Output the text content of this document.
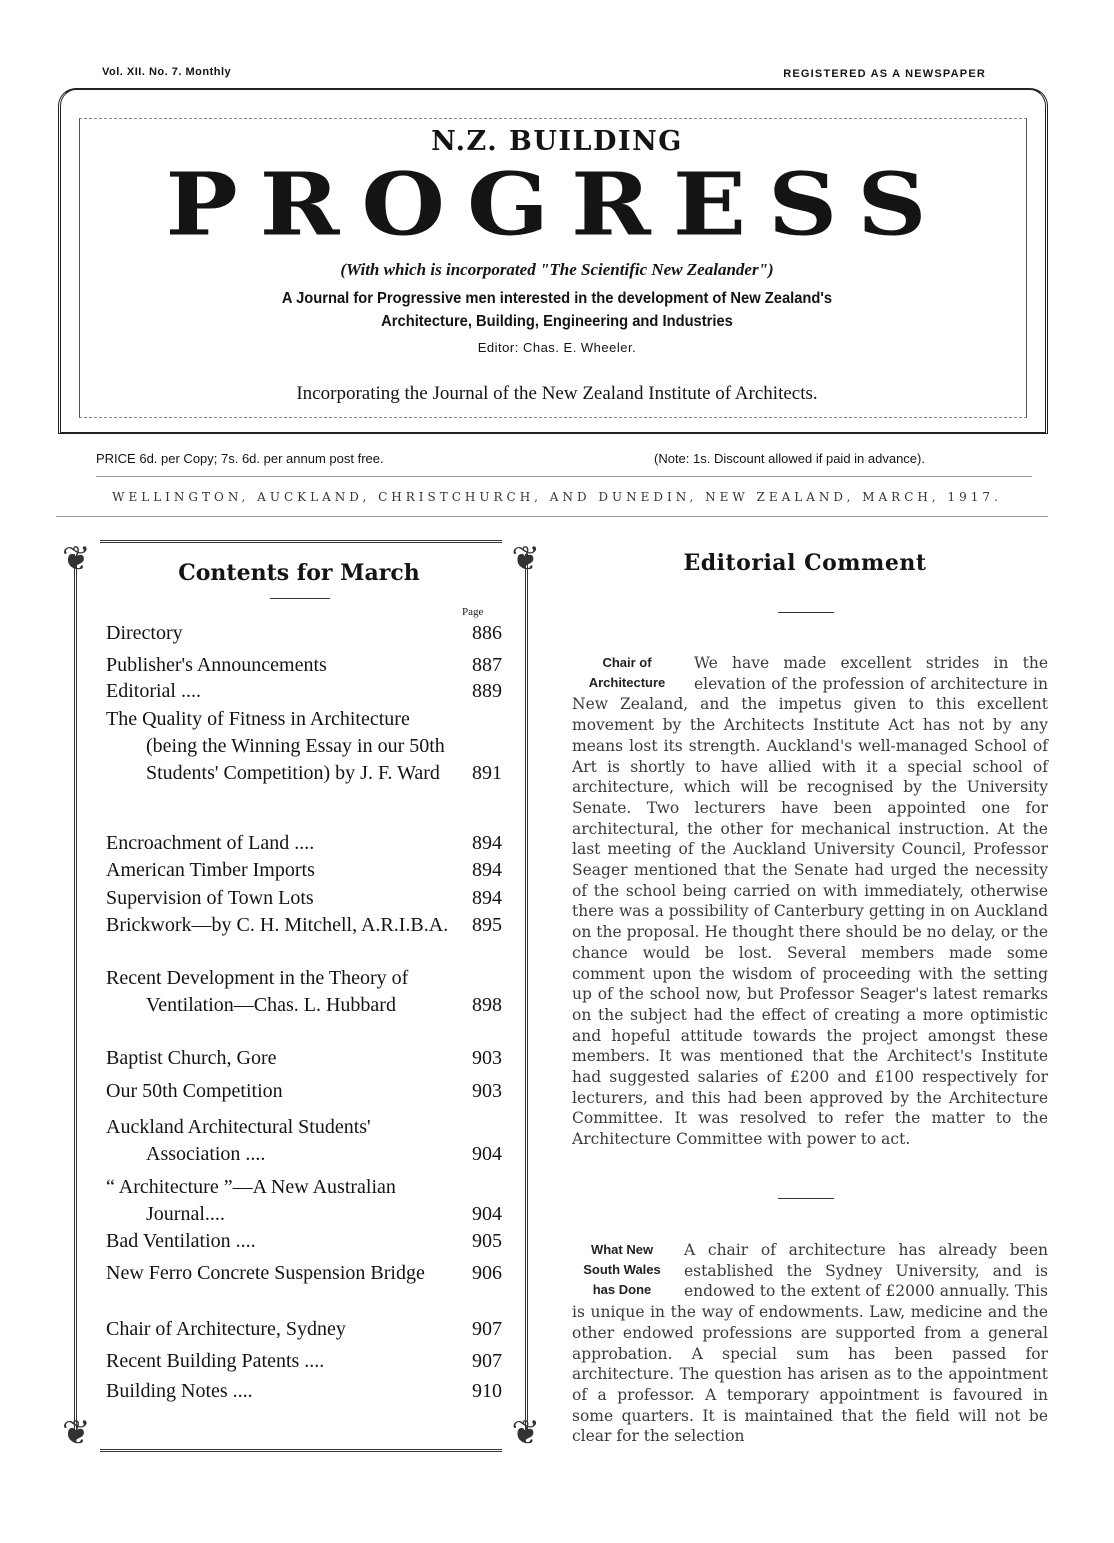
Vol. XII. No. 7. Monthly	REGISTERED AS A NEWSPAPER
N.Z. BUILDING
PROGRESS
(With which is incorporated "The Scientific New Zealander")
A Journal for Progressive men interested in the development of New Zealand's
Architecture, Building, Engineering and Industries
Editor: Chas. E. Wheeler.
Incorporating the Journal of the New Zealand Institute of Architects.
PRICE 6d. per Copy; 7s. 6d. per annum post free.	(Note: 1s. Discount allowed if paid in advance).
WELLINGTON, AUCKLAND, CHRISTCHURCH, AND DUNEDIN, NEW ZEALAND, MARCH, 1917.
❦	❦
❦	❦
Contents for March
Page
Directory	886
Publisher's Announcements	887
Editorial ....	889
The Quality of Fitness in Architecture (being the Winning Essay in our 50th Students' Competition) by J. F. Ward	891
Encroachment of Land ....	894
American Timber Imports	894
Supervision of Town Lots	894
Brickwork—by C. H. Mitchell, A.R.I.B.A.	895
Recent Development in the Theory of Ventilation—Chas. L. Hubbard	898
Baptist Church, Gore	903
Our 50th Competition	903
Auckland Architectural Students' Association ....	904
“ Architecture ”—A New Australian Journal....	904
Bad Ventilation ....	905
New Ferro Concrete Suspension Bridge	906
Chair of Architecture, Sydney	907
Recent Building Patents ....	907
Building Notes ....	910
Editorial Comment
Chair of Architecture
We have made excellent strides in the elevation of the profession of architecture in New Zealand, and the impetus given to this excellent movement by the Architects Institute Act has not by any means lost its strength. Auckland's well-managed School of Art is shortly to have allied with it a special school of architecture, which will be recognised by the University Senate. Two lecturers have been appointed one for architectural, the other for mechanical instruction. At the last meeting of the Auckland University Council, Professor Seager mentioned that the Senate had urged the necessity of the school being carried on with immediately, otherwise there was a possibility of Canterbury getting in on Auckland on the proposal. He thought there should be no delay, or the chance would be lost. Several members made some comment upon the wisdom of proceeding with the setting up of the school now, but Professor Seager's latest remarks on the subject had the effect of creating a more optimistic and hopeful attitude towards the project amongst these members. It was mentioned that the Architect's Institute had suggested salaries of £200 and £100 respectively for lecturers, and this had been approved by the Architecture Committee. It was resolved to refer the matter to the Architecture Committee with power to act.
What New South Wales has Done
A chair of architecture has already been established the Sydney University, and is endowed to the extent of £2000 annually. This is unique in the way of endowments. Law, medicine and the other endowed professions are supported from a general approbation. A special sum has been passed for architecture. The question has arisen as to the appointment of a professor. A temporary appointment is favoured in some quarters. It is maintained that the field will not be clear for the selection
